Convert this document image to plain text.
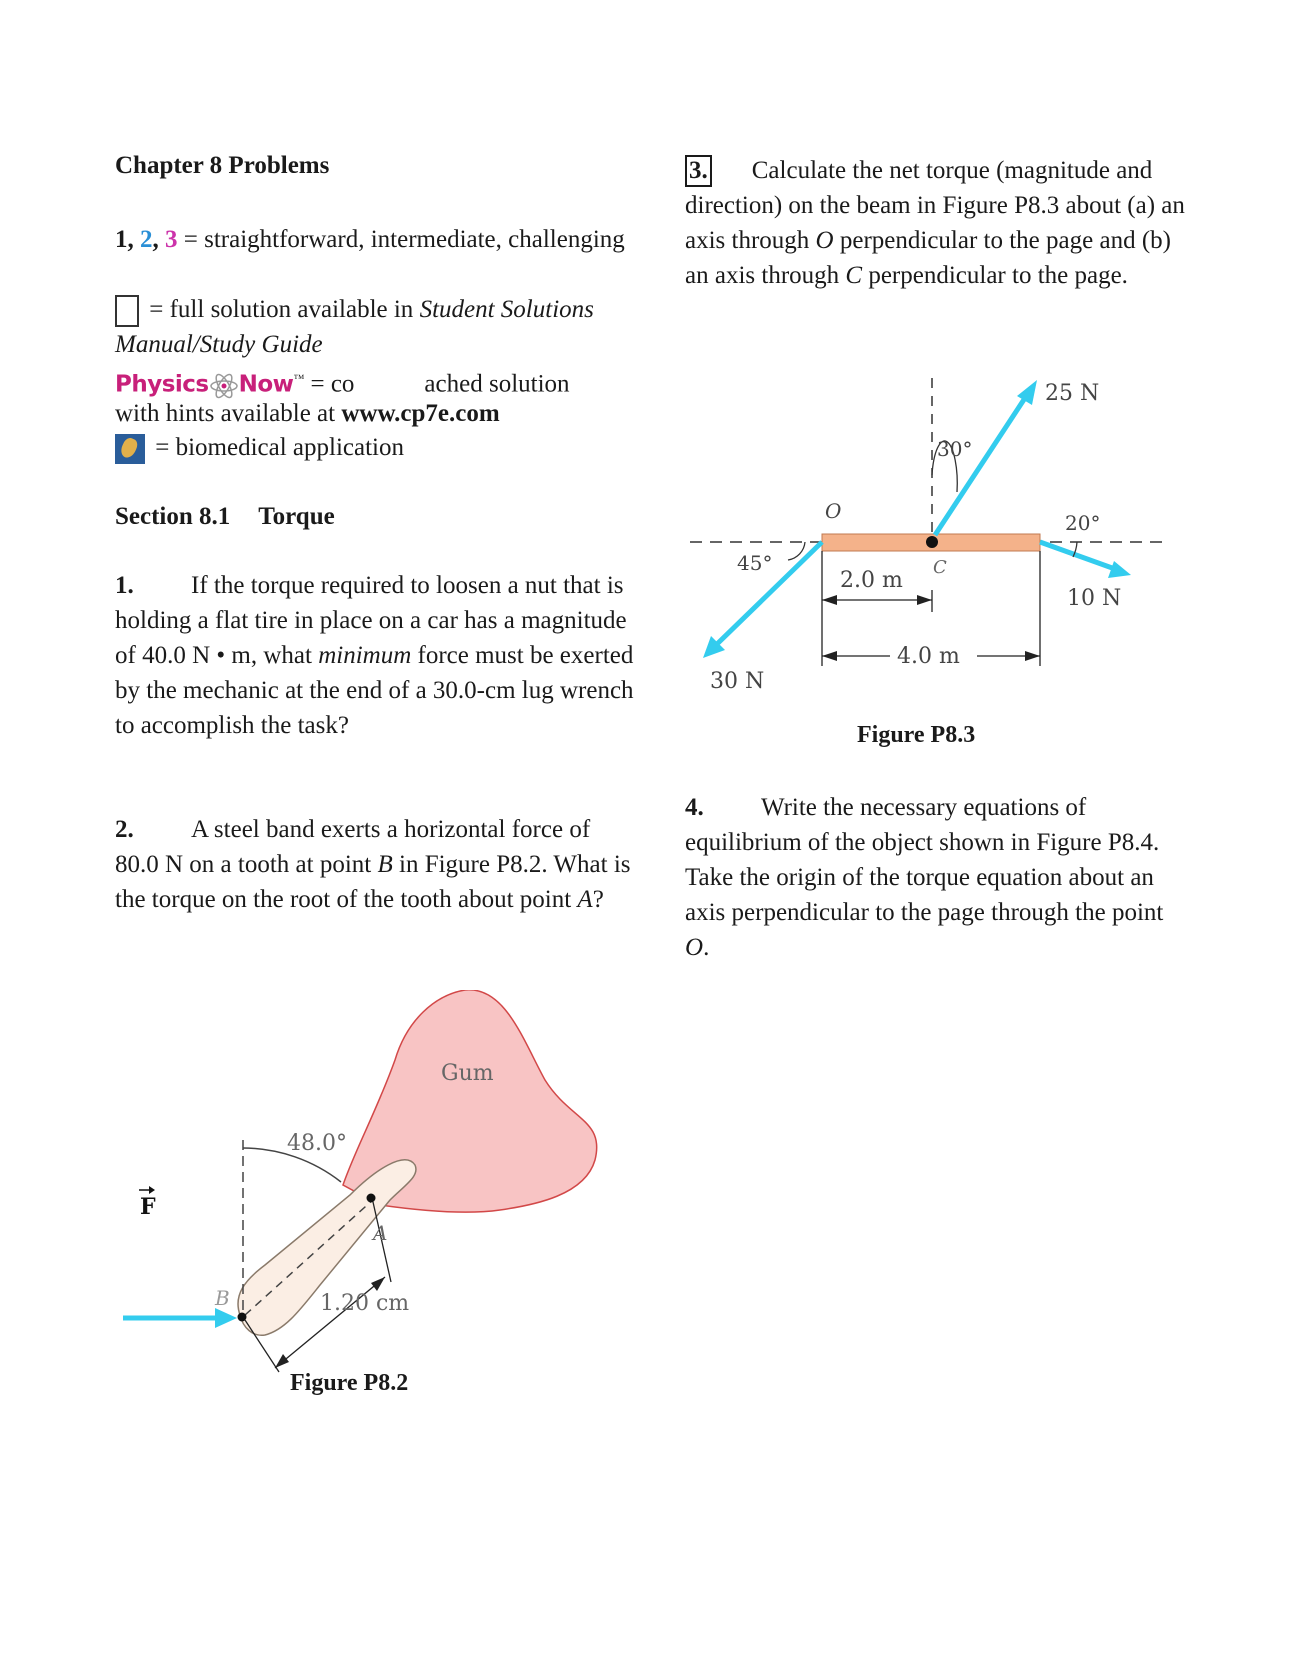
Chapter 8 Problems
1, 2, 3 = straightforward, intermediate, challenging
= full solution available in Student Solutions Manual/Study Guide
Physics Now™ = co	ached solution
with hints available at www.cp7e.com
= biomedical application
Section 8.1 Torque
1. If the torque required to loosen a nut that is holding a flat tire in place on a car has a magnitude of 40.0 N • m, what minimum force must be exerted by the mechanic at the end of a 30.0-cm lug wrench to accomplish the task?
2. A steel band exerts a horizontal force of 80.0 N on a tooth at point B in Figure P8.2. What is the torque on the root of the tooth about point A?
F
B
A
Gum
48.0°
1.20 cm
Figure P8.2
3. Calculate the net torque (magnitude and direction) on the beam in Figure P8.3 about (a) an axis through O perpendicular to the page and (b) an axis through C perpendicular to the page.
25 N
30 N
10 N
30°
45°
20°
O
C
2.0 m
4.0 m
Figure P8.3
4. Write the necessary equations of equilibrium of the object shown in Figure P8.4. Take the origin of the torque equation about an axis perpendicular to the page through the point O.
